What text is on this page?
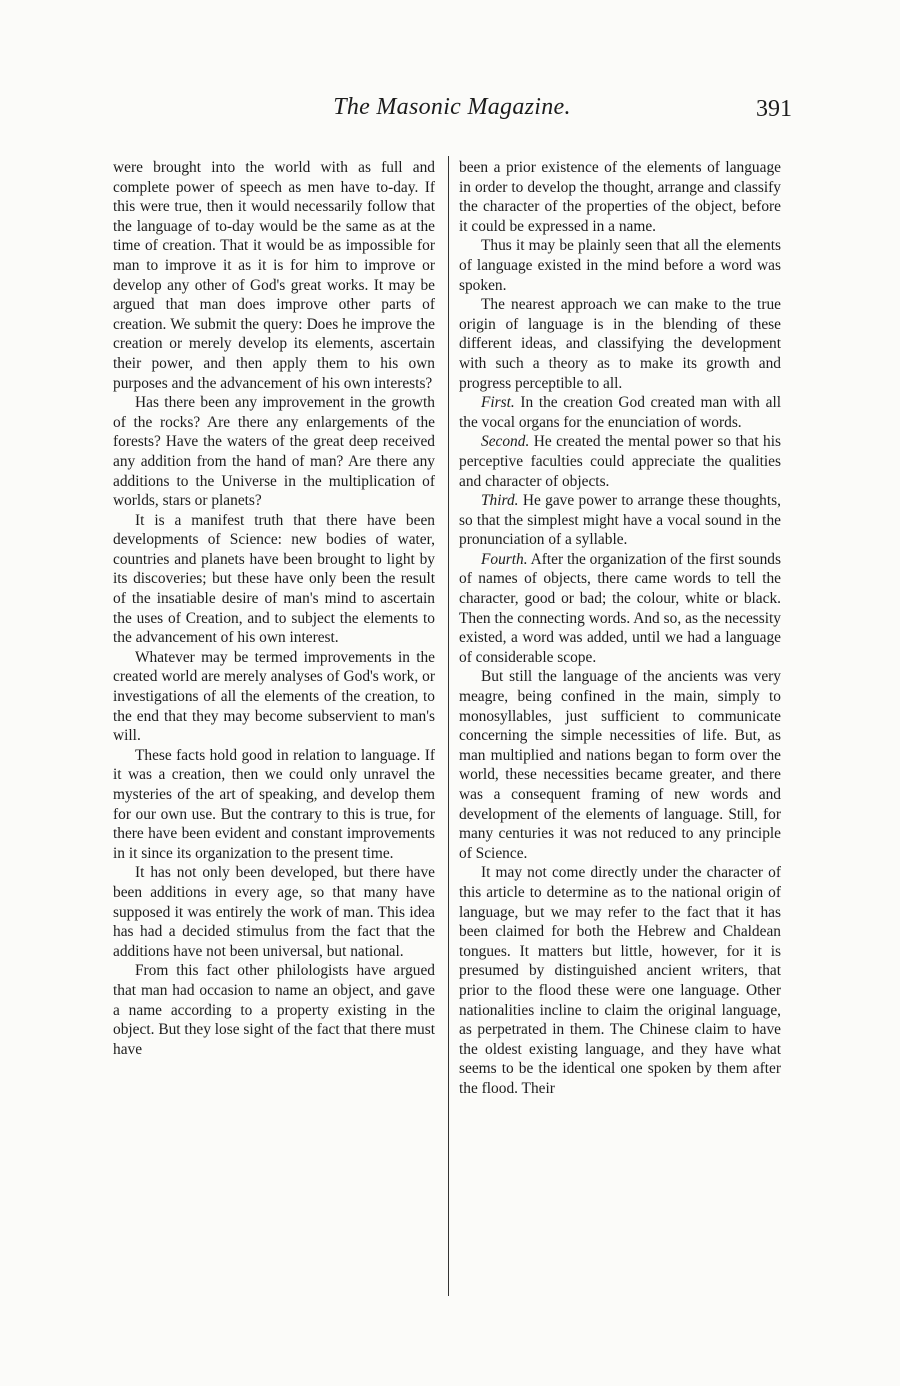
The Masonic Magazine.	391

were brought into the world with as full and complete power of speech as men have to-day. If this were true, then it would necessarily follow that the language of to-day would be the same as at the time of creation. That it would be as impossible for man to improve it as it is for him to improve or develop any other of God's great works. It may be argued that man does improve other parts of creation. We submit the query: Does he improve the creation or merely develop its elements, ascertain their power, and then apply them to his own purposes and the advancement of his own interests?

Has there been any improvement in the growth of the rocks? Are there any enlargements of the forests? Have the waters of the great deep received any addition from the hand of man? Are there any additions to the Universe in the multiplication of worlds, stars or planets?

It is a manifest truth that there have been developments of Science: new bodies of water, countries and planets have been brought to light by its discoveries; but these have only been the result of the insatiable desire of man's mind to ascertain the uses of Creation, and to subject the elements to the advancement of his own interest.

Whatever may be termed improvements in the created world are merely analyses of God's work, or investigations of all the elements of the creation, to the end that they may become subservient to man's will.

These facts hold good in relation to language. If it was a creation, then we could only unravel the mysteries of the art of speaking, and develop them for our own use. But the contrary to this is true, for there have been evident and constant improvements in it since its organization to the present time.

It has not only been developed, but there have been additions in every age, so that many have supposed it was entirely the work of man. This idea has had a decided stimulus from the fact that the additions have not been universal, but national.

From this fact other philologists have argued that man had occasion to name an object, and gave a name according to a property existing in the object. But they lose sight of the fact that there must have

been a prior existence of the elements of language in order to develop the thought, arrange and classify the character of the properties of the object, before it could be expressed in a name.

Thus it may be plainly seen that all the elements of language existed in the mind before a word was spoken.

The nearest approach we can make to the true origin of language is in the blending of these different ideas, and classifying the development with such a theory as to make its growth and progress perceptible to all.

First. In the creation God created man with all the vocal organs for the enunciation of words.

Second. He created the mental power so that his perceptive faculties could appreciate the qualities and character of objects.

Third. He gave power to arrange these thoughts, so that the simplest might have a vocal sound in the pronunciation of a syllable.

Fourth. After the organization of the first sounds of names of objects, there came words to tell the character, good or bad; the colour, white or black. Then the connecting words. And so, as the necessity existed, a word was added, until we had a language of considerable scope.

But still the language of the ancients was very meagre, being confined in the main, simply to monosyllables, just sufficient to communicate concerning the simple necessities of life. But, as man multiplied and nations began to form over the world, these necessities became greater, and there was a consequent framing of new words and development of the elements of language. Still, for many centuries it was not reduced to any principle of Science.

It may not come directly under the character of this article to determine as to the national origin of language, but we may refer to the fact that it has been claimed for both the Hebrew and Chaldean tongues. It matters but little, however, for it is presumed by distinguished ancient writers, that prior to the flood these were one language. Other nationalities incline to claim the original language, as perpetrated in them. The Chinese claim to have the oldest existing language, and they have what seems to be the identical one spoken by them after the flood. Their
